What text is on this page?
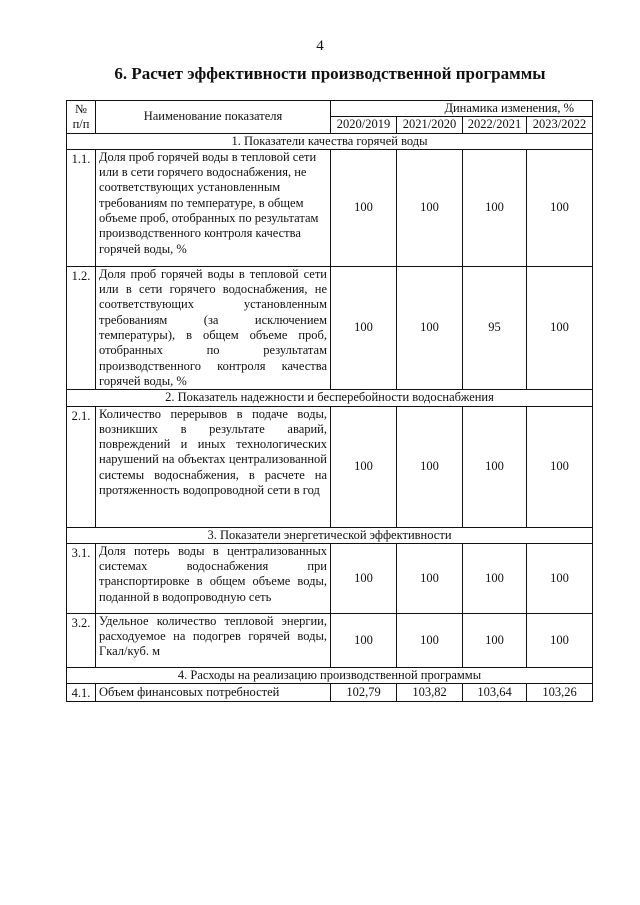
4
6. Расчет эффективности производственной программы
№ п/п	Наименование показателя	Динамика изменения, %			
		2020/2019	2021/2020	2022/2021	2023/2022
1. Показатели качества горячей воды					
1.1.	Доля проб горячей воды в тепловой сети или в сети горячего водоснабжения, не соответствующих установленным требованиям по температуре, в общем объеме проб, отобранных по результатам производственного контроля качества горячей воды, %	100	100	100	100
1.2.	Доля проб горячей воды в тепловой сети или в сети горячего водоснабжения, не соответствующих установленным требованиям (за исключением температуры), в общем объеме проб, отобранных по результатам производственного контроля качества горячей воды, %	100	100	95	100
2. Показатель надежности и бесперебойности водоснабжения					
2.1.	Количество перерывов в подаче воды, возникших в результате аварий, повреждений и иных технологических нарушений на объектах централизованной системы водоснабжения, в расчете на протяженность водопроводной сети в год	100	100	100	100
3. Показатели энергетической эффективности					
3.1.	Доля потерь воды в централизованных системах водоснабжения при транспортировке в общем объеме воды, поданной в водопроводную сеть	100	100	100	100
3.2.	Удельное количество тепловой энергии, расходуемое на подогрев горячей воды, Гкал/куб. м	100	100	100	100
4. Расходы на реализацию производственной программы					
4.1.	Объем финансовых потребностей	102,79	103,82	103,64	103,26
